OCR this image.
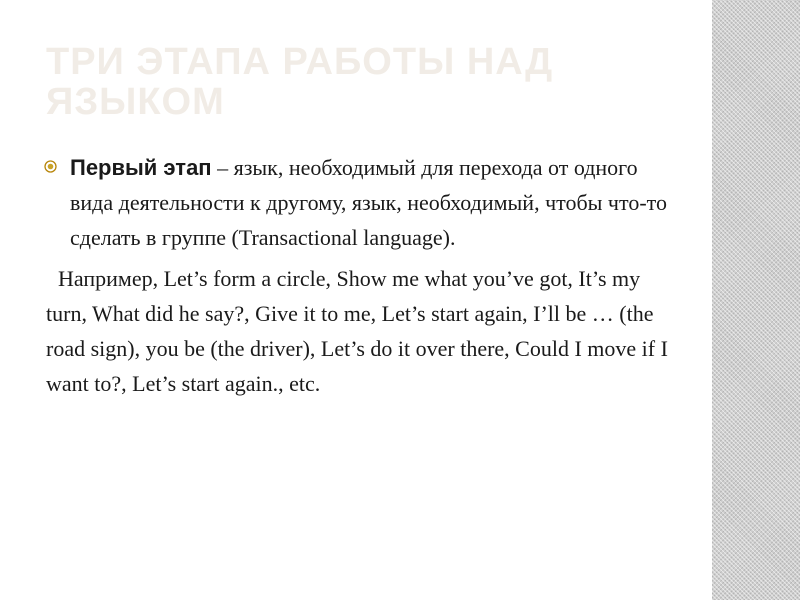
ТРИ ЭТАПА РАБОТЫ НАД ЯЗЫКОМ

Первый этап – язык, необходимый для перехода от одного вида деятельности к другому, язык, необходимый, чтобы что-то сделать в группе (Transactional language).

Например, Let’s form a circle, Show me what you’ve got, It’s my turn, What did he say?, Give it to me, Let’s start again, I’ll be … (the road sign), you be (the driver), Let’s do it over there, Could I move if I want to?, Let’s start again., etc.
